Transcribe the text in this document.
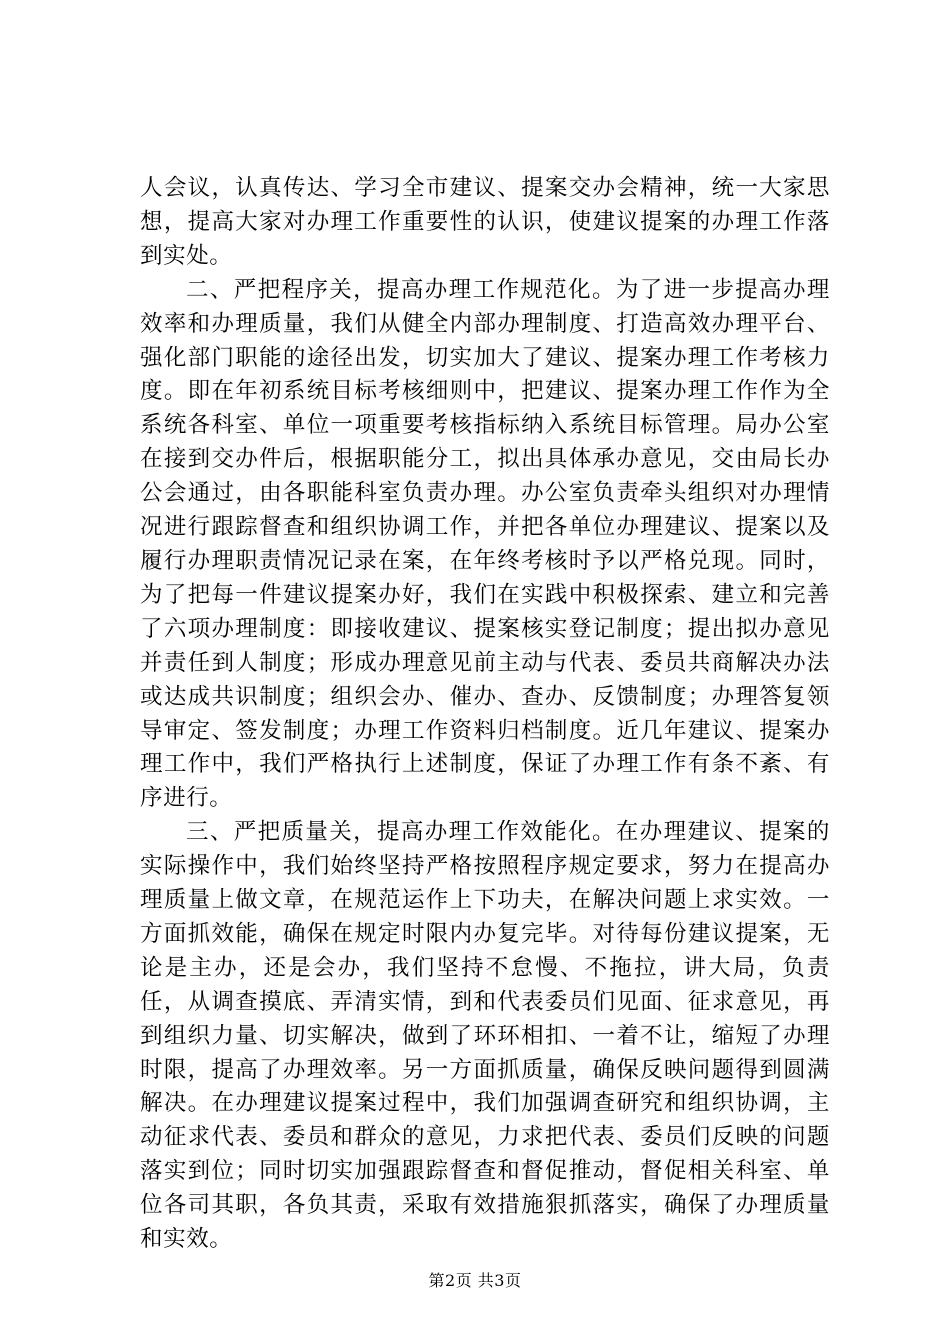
人会议，认真传达、学习全市建议、提案交办会精神，统一大家思想，提高大家对办理工作重要性的认识，使建议提案的办理工作落到实处。

二、严把程序关，提高办理工作规范化。为了进一步提高办理效率和办理质量，我们从健全内部办理制度、打造高效办理平台、强化部门职能的途径出发，切实加大了建议、提案办理工作考核力度。即在年初系统目标考核细则中，把建议、提案办理工作作为全系统各科室、单位一项重要考核指标纳入系统目标管理。局办公室在接到交办件后，根据职能分工，拟出具体承办意见，交由局长办公会通过，由各职能科室负责办理。办公室负责牵头组织对办理情况进行跟踪督查和组织协调工作，并把各单位办理建议、提案以及履行办理职责情况记录在案，在年终考核时予以严格兑现。同时，为了把每一件建议提案办好，我们在实践中积极探索、建立和完善了六项办理制度：即接收建议、提案核实登记制度；提出拟办意见并责任到人制度；形成办理意见前主动与代表、委员共商解决办法或达成共识制度；组织会办、催办、查办、反馈制度；办理答复领导审定、签发制度；办理工作资料归档制度。近几年建议、提案办理工作中，我们严格执行上述制度，保证了办理工作有条不紊、有序进行。

三、严把质量关，提高办理工作效能化。在办理建议、提案的实际操作中，我们始终坚持严格按照程序规定要求，努力在提高办理质量上做文章，在规范运作上下功夫，在解决问题上求实效。一方面抓效能，确保在规定时限内办复完毕。对待每份建议提案，无论是主办，还是会办，我们坚持不怠慢、不拖拉，讲大局，负责任，从调查摸底、弄清实情，到和代表委员们见面、征求意见，再到组织力量、切实解决，做到了环环相扣、一着不让，缩短了办理时限，提高了办理效率。另一方面抓质量，确保反映问题得到圆满解决。在办理建议提案过程中，我们加强调查研究和组织协调，主动征求代表、委员和群众的意见，力求把代表、委员们反映的问题落实到位；同时切实加强跟踪督查和督促推动，督促相关科室、单位各司其职，各负其责，采取有效措施狠抓落实，确保了办理质量和实效。

第2页 共3页
